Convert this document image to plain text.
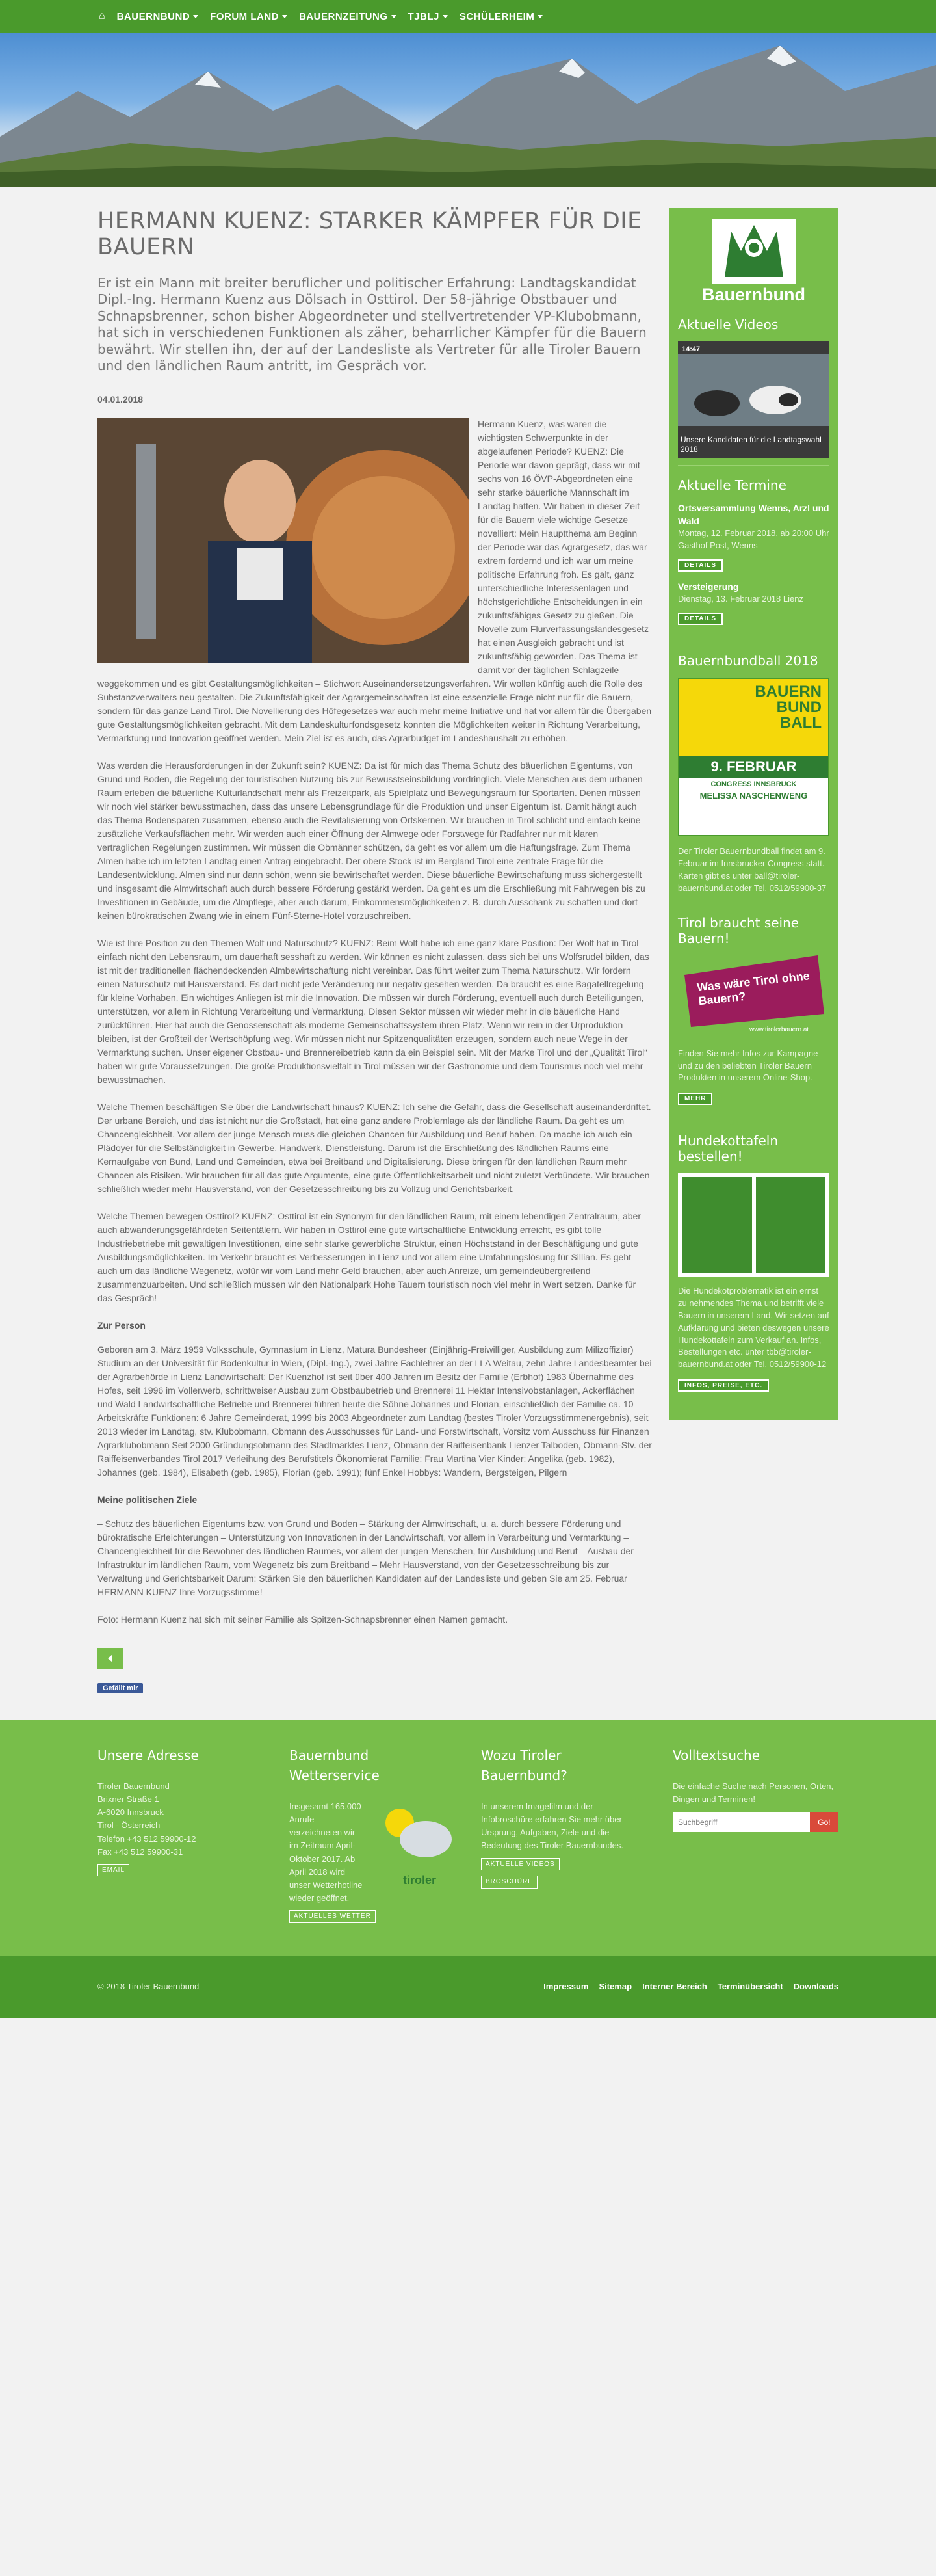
⌂ BAUERNBUND FORUM LAND BAUERNZEITUNG TJBLJ SCHÜLERHEIM
HERMANN KUENZ: STARKER KÄMPFER FÜR DIE BAUERN
Er ist ein Mann mit breiter beruflicher und politischer Erfahrung: Landtagskandidat Dipl.-Ing. Hermann Kuenz aus Dölsach in Osttirol. Der 58-jährige Obstbauer und Schnapsbrenner, schon bisher Abgeordneter und stellvertretender VP-Klubobmann, hat sich in verschiedenen Funktionen als zäher, beharrlicher Kämpfer für die Bauern bewährt. Wir stellen ihn, der auf der Landesliste als Vertreter für alle Tiroler Bauern und den ländlichen Raum antritt, im Gespräch vor.
04.01.2018

Hermann Kuenz, was waren die wichtigsten Schwerpunkte in der abgelaufenen Periode? KUENZ: Die Periode war davon geprägt, dass wir mit sechs von 16 ÖVP-Abgeordneten eine sehr starke bäuerliche Mannschaft im Landtag hatten. Wir haben in dieser Zeit für die Bauern viele wichtige Gesetze novelliert: Mein Hauptthema am Beginn der Periode war das Agrargesetz, das war extrem fordernd und ich war um meine politische Erfahrung froh. Es galt, ganz unterschiedliche Interessenlagen und höchstgerichtliche Entscheidungen in ein zukunftsfähiges Gesetz zu gießen. Die Novelle zum Flurverfassungslandesgesetz hat einen Ausgleich gebracht und ist zukunftsfähig geworden. Das Thema ist damit vor der täglichen Schlagzeile weggekommen und es gibt Gestaltungsmöglichkeiten – Stichwort Auseinandersetzungsverfahren. Wir wollen künftig auch die Rolle des Substanzverwalters neu gestalten. Die Zukunftsfähigkeit der Agrargemeinschaften ist eine essenzielle Frage nicht nur für die Bauern, sondern für das ganze Land Tirol. Die Novellierung des Höfegesetzes war auch mehr meine Initiative und hat vor allem für die Übergaben gute Gestaltungsmöglichkeiten gebracht. Mit dem Landeskulturfondsgesetz konnten die Möglichkeiten weiter in Richtung Verarbeitung, Vermarktung und Innovation geöffnet werden. Mein Ziel ist es auch, das Agrarbudget im Landeshaushalt zu erhöhen.

Was werden die Herausforderungen in der Zukunft sein? KUENZ: Da ist für mich das Thema Schutz des bäuerlichen Eigentums, von Grund und Boden, die Regelung der touristischen Nutzung bis zur Bewusstseinsbildung vordringlich. Viele Menschen aus dem urbanen Raum erleben die bäuerliche Kulturlandschaft mehr als Freizeitpark, als Spielplatz und Bewegungsraum für Sportarten. Denen müssen wir noch viel stärker bewusstmachen, dass das unsere Lebensgrundlage für die Produktion und unser Eigentum ist. Damit hängt auch das Thema Bodensparen zusammen, ebenso auch die Revitalisierung von Ortskernen. Wir brauchen in Tirol schlicht und einfach keine zusätzliche Verkaufsflächen mehr. Wir werden auch einer Öffnung der Almwege oder Forstwege für Radfahrer nur mit klaren vertraglichen Regelungen zustimmen. Wir müssen die Obmänner schützen, da geht es vor allem um die Haftungsfrage. Zum Thema Almen habe ich im letzten Landtag einen Antrag eingebracht. Der obere Stock ist im Bergland Tirol eine zentrale Frage für die Landesentwicklung. Almen sind nur dann schön, wenn sie bewirtschaftet werden. Diese bäuerliche Bewirtschaftung muss sichergestellt und insgesamt die Almwirtschaft auch durch bessere Förderung gestärkt werden. Da geht es um die Erschließung mit Fahrwegen bis zu Investitionen in Gebäude, um die Almpflege, aber auch darum, Einkommensmöglichkeiten z. B. durch Ausschank zu schaffen und dort keinen bürokratischen Zwang wie in einem Fünf-Sterne-Hotel vorzuschreiben.

Wie ist Ihre Position zu den Themen Wolf und Naturschutz? KUENZ: Beim Wolf habe ich eine ganz klare Position: Der Wolf hat in Tirol einfach nicht den Lebensraum, um dauerhaft sesshaft zu werden. Wir können es nicht zulassen, dass sich bei uns Wolfsrudel bilden, das ist mit der traditionellen flächendeckenden Almbewirtschaftung nicht vereinbar. Das führt weiter zum Thema Naturschutz. Wir fordern einen Naturschutz mit Hausverstand. Es darf nicht jede Veränderung nur negativ gesehen werden. Da braucht es eine Bagatellregelung für kleine Vorhaben. Ein wichtiges Anliegen ist mir die Innovation. Die müssen wir durch Förderung, eventuell auch durch Beteiligungen, unterstützen, vor allem in Richtung Verarbeitung und Vermarktung. Diesen Sektor müssen wir wieder mehr in die bäuerliche Hand zurückführen. Hier hat auch die Genossenschaft als moderne Gemeinschaftssystem ihren Platz. Wenn wir rein in der Urproduktion bleiben, ist der Großteil der Wertschöpfung weg. Wir müssen nicht nur Spitzenqualitäten erzeugen, sondern auch neue Wege in der Vermarktung suchen. Unser eigener Obstbau- und Brennereibetrieb kann da ein Beispiel sein. Mit der Marke Tirol und der „Qualität Tirol“ haben wir gute Voraussetzungen. Die große Produktionsvielfalt in Tirol müssen wir der Gastronomie und dem Tourismus noch viel mehr bewusstmachen.

Welche Themen beschäftigen Sie über die Landwirtschaft hinaus? KUENZ: Ich sehe die Gefahr, dass die Gesellschaft auseinanderdriftet. Der urbane Bereich, und das ist nicht nur die Großstadt, hat eine ganz andere Problemlage als der ländliche Raum. Da geht es um Chancengleichheit. Vor allem der junge Mensch muss die gleichen Chancen für Ausbildung und Beruf haben. Da mache ich auch ein Plädoyer für die Selbständigkeit in Gewerbe, Handwerk, Dienstleistung. Darum ist die Erschließung des ländlichen Raums eine Kernaufgabe von Bund, Land und Gemeinden, etwa bei Breitband und Digitalisierung. Diese bringen für den ländlichen Raum mehr Chancen als Risiken. Wir brauchen für all das gute Argumente, eine gute Öffentlichkeitsarbeit und nicht zuletzt Verbündete. Wir brauchen schließlich wieder mehr Hausverstand, von der Gesetzesschreibung bis zu Vollzug und Gerichtsbarkeit.

Welche Themen bewegen Osttirol? KUENZ: Osttirol ist ein Synonym für den ländlichen Raum, mit einem lebendigen Zentralraum, aber auch abwanderungsgefährdeten Seitentälern. Wir haben in Osttirol eine gute wirtschaftliche Entwicklung erreicht, es gibt tolle Industriebetriebe mit gewaltigen Investitionen, eine sehr starke gewerbliche Struktur, einen Höchststand in der Beschäftigung und gute Ausbildungsmöglichkeiten. Im Verkehr braucht es Verbesserungen in Lienz und vor allem eine Umfahrungslösung für Sillian. Es geht auch um das ländliche Wegenetz, wofür wir vom Land mehr Geld brauchen, aber auch Anreize, um gemeindeübergreifend zusammenzuarbeiten. Und schließlich müssen wir den Nationalpark Hohe Tauern touristisch noch viel mehr in Wert setzen. Danke für das Gespräch!

Zur Person

Geboren am 3. März 1959 Volksschule, Gymnasium in Lienz, Matura Bundesheer (Einjährig-Freiwilliger, Ausbildung zum Milizoffizier) Studium an der Universität für Bodenkultur in Wien, (Dipl.-Ing.), zwei Jahre Fachlehrer an der LLA Weitau, zehn Jahre Landesbeamter bei der Agrarbehörde in Lienz Landwirtschaft: Der Kuenzhof ist seit über 400 Jahren im Besitz der Familie (Erbhof) 1983 Übernahme des Hofes, seit 1996 im Vollerwerb, schrittweiser Ausbau zum Obstbaubetrieb und Brennerei 11 Hektar Intensivobstanlagen, Ackerflächen und Wald Landwirtschaftliche Betriebe und Brennerei führen heute die Söhne Johannes und Florian, einschließlich der Familie ca. 10 Arbeitskräfte Funktionen: 6 Jahre Gemeinderat, 1999 bis 2003 Abgeordneter zum Landtag (bestes Tiroler Vorzugsstimmenergebnis), seit 2013 wieder im Landtag, stv. Klubobmann, Obmann des Ausschusses für Land- und Forstwirtschaft, Vorsitz vom Ausschuss für Finanzen Agrarklubobmann Seit 2000 Gründungsobmann des Stadtmarktes Lienz, Obmann der Raiffeisenbank Lienzer Talboden, Obmann-Stv. der Raiffeisenverbandes Tirol 2017 Verleihung des Berufstitels Ökonomierat Familie: Frau Martina Vier Kinder: Angelika (geb. 1982), Johannes (geb. 1984), Elisabeth (geb. 1985), Florian (geb. 1991); fünf Enkel Hobbys: Wandern, Bergsteigen, Pilgern

Meine politischen Ziele

– Schutz des bäuerlichen Eigentums bzw. von Grund und Boden – Stärkung der Almwirtschaft, u. a. durch bessere Förderung und bürokratische Erleichterungen – Unterstützung von Innovationen in der Landwirtschaft, vor allem in Verarbeitung und Vermarktung – Chancengleichheit für die Bewohner des ländlichen Raumes, vor allem der jungen Menschen, für Ausbildung und Beruf – Ausbau der Infrastruktur im ländlichen Raum, vom Wegenetz bis zum Breitband – Mehr Hausverstand, von der Gesetzesschreibung bis zur Verwaltung und Gerichtsbarkeit Darum: Stärken Sie den bäuerlichen Kandidaten auf der Landesliste und geben Sie am 25. Februar HERMANN KUENZ Ihre Vorzugsstimme!

Foto: Hermann Kuenz hat sich mit seiner Familie als Spitzen-Schnapsbrenner einen Namen gemacht.

Gefällt mir
Bauernbund
Aktuelle Videos
14:47
Unsere Kandidaten für die Landtagswahl 2018
Aktuelle Termine
Ortsversammlung Wenns, Arzl und Wald
Montag, 12. Februar 2018, ab 20:00 Uhr Gasthof Post, Wenns
DETAILS
Versteigerung
Dienstag, 13. Februar 2018 Lienz
DETAILS
Bauernbundball 2018
BAUERN
BUND
BALL
9. FEBRUAR
CONGRESS INNSBRUCK
MELISSA NASCHENWENG
Der Tiroler Bauernbundball findet am 9. Februar im Innsbrucker Congress statt. Karten gibt es unter ball@tiroler-bauernbund.at oder Tel. 0512/59900-37
Tirol braucht seine Bauern!
Was wäre Tirol ohne Bauern?
www.tirolerbauern.at
Finden Sie mehr Infos zur Kampagne und zu den beliebten Tiroler Bauern Produkten in unserem Online-Shop.
MEHR
Hundekottafeln bestellen!
Die Hundekotproblematik ist ein ernst zu nehmendes Thema und betrifft viele Bauern in unserem Land. Wir setzen auf Aufklärung und bieten deswegen unsere Hundekottafeln zum Verkauf an. Infos, Bestellungen etc. unter tbb@tiroler-bauernbund.at oder Tel. 0512/59900-12
INFOS, PREISE, ETC.
Unsere Adresse
Tiroler Bauernbund
Brixner Straße 1
A-6020 Innsbruck
Tirol - Österreich
Telefon +43 512 59900-12
Fax +43 512 59900-31
EMAIL
Bauernbund Wetterservice
Insgesamt 165.000 Anrufe verzeichneten wir im Zeitraum April-Oktober 2017. Ab April 2018 wird unser Wetterhotline wieder geöffnet.
tiroler
AKTUELLES WETTER
Wozu Tiroler Bauernbund?
In unserem Imagefilm und der Infobroschüre erfahren Sie mehr über Ursprung, Aufgaben, Ziele und die Bedeutung des Tiroler Bauernbundes.
AKTUELLE VIDEOS
BROSCHÜRE
Volltextsuche
Die einfache Suche nach Personen, Orten, Dingen und Terminen!
Suchbegriff
Go!
© 2018 Tiroler Bauernbund	Impressum Sitemap Interner Bereich Terminübersicht Downloads
